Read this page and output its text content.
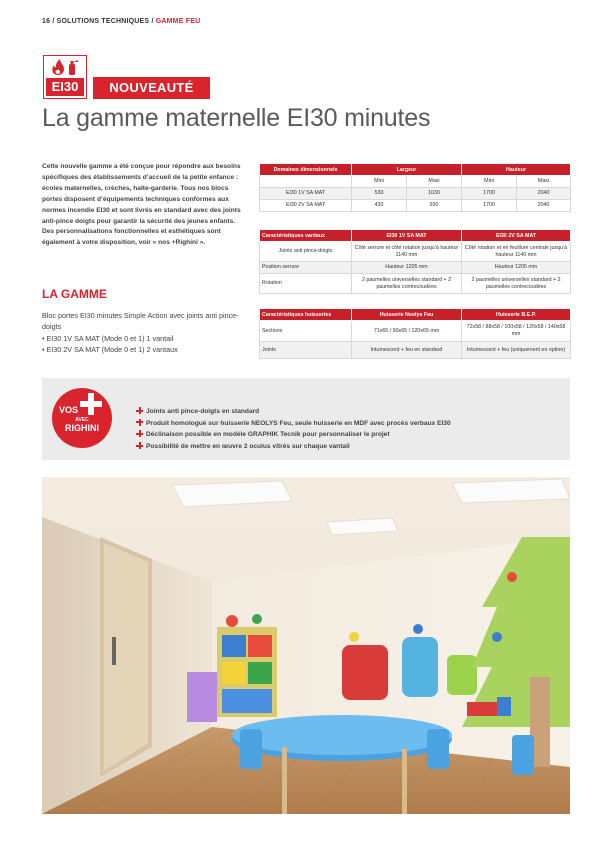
16 / SOLUTIONS TECHNIQUES / GAMME FEU
EI30	NOUVEAUTÉ
La gamme maternelle EI30 minutes

Cette nouvelle gamme a été conçue pour répondre aux besoins spécifiques des établissements d’accueil de la petite enfance : écoles maternelles, crèches, halte-garderie. Tous nos blocs portes disposent d’équipements techniques conformes aux normes incendie EI30 et sont livrés en standard avec des joints anti-pince doigts pour garantir la sécurité des jeunes enfants. Des personnalisations fonctionnelles et esthétiques sont également à votre disposition, voir « nos +Righini ».

LA GAMME

Bloc portes EI30 minutes Simple Action avec joints anti pince-doigts

• EI30 1V SA MAT (Mode 0 et 1) 1 vantail
• EI30 2V SA MAT (Mode 0 et 1) 2 vantaux
Domaines dimensionnels	Largeur		Hauteur	
	Mini	Maxi	Mini	Maxi
EI30 1V SA MAT	530	1030	1700	2040
EI30 2V SA MAT	430	930	1700	2040
Caractéristiques vantaux	EI30 1V SA MAT	EI30 2V SA MAT
Joints anti pince-doigts	Côté serrure et côté rotation jusqu’à hauteur 1140 mm	Côté rotation et en feuillure centrale jusqu’à hauteur 1140 mm
Position serrure	Hauteur 1205 mm	Hauteur 1205 mm
Rotation	2 paumelles universelles standard + 2 paumelles contrecoudées	2 paumelles universelles standard + 2 paumelles contrecoudées
Caractéristiques huisseries	Huisserie Neolys Feu	Huisserie B.E.P.
Sections	71x65 / 90x65 / 120x65 mm	72x58 / 88x58 / 100x58 / 120x58 / 140x58 mm
Joints	Intumescent + feu en standard	Intumescent + feu (uniquement en option)
VOS
AVEC
RIGHINI
Joints anti pince-doigts en standard
Produit homologué sur huisserie NEOLYS Feu, seule huisserie en MDF avec procès verbaux EI30
Déclinaison possible en modèle GRAPHIK Tecnik pour personnaliser le projet
Possibilité de mettre en œuvre 2 oculus vitrés sur chaque vantail
